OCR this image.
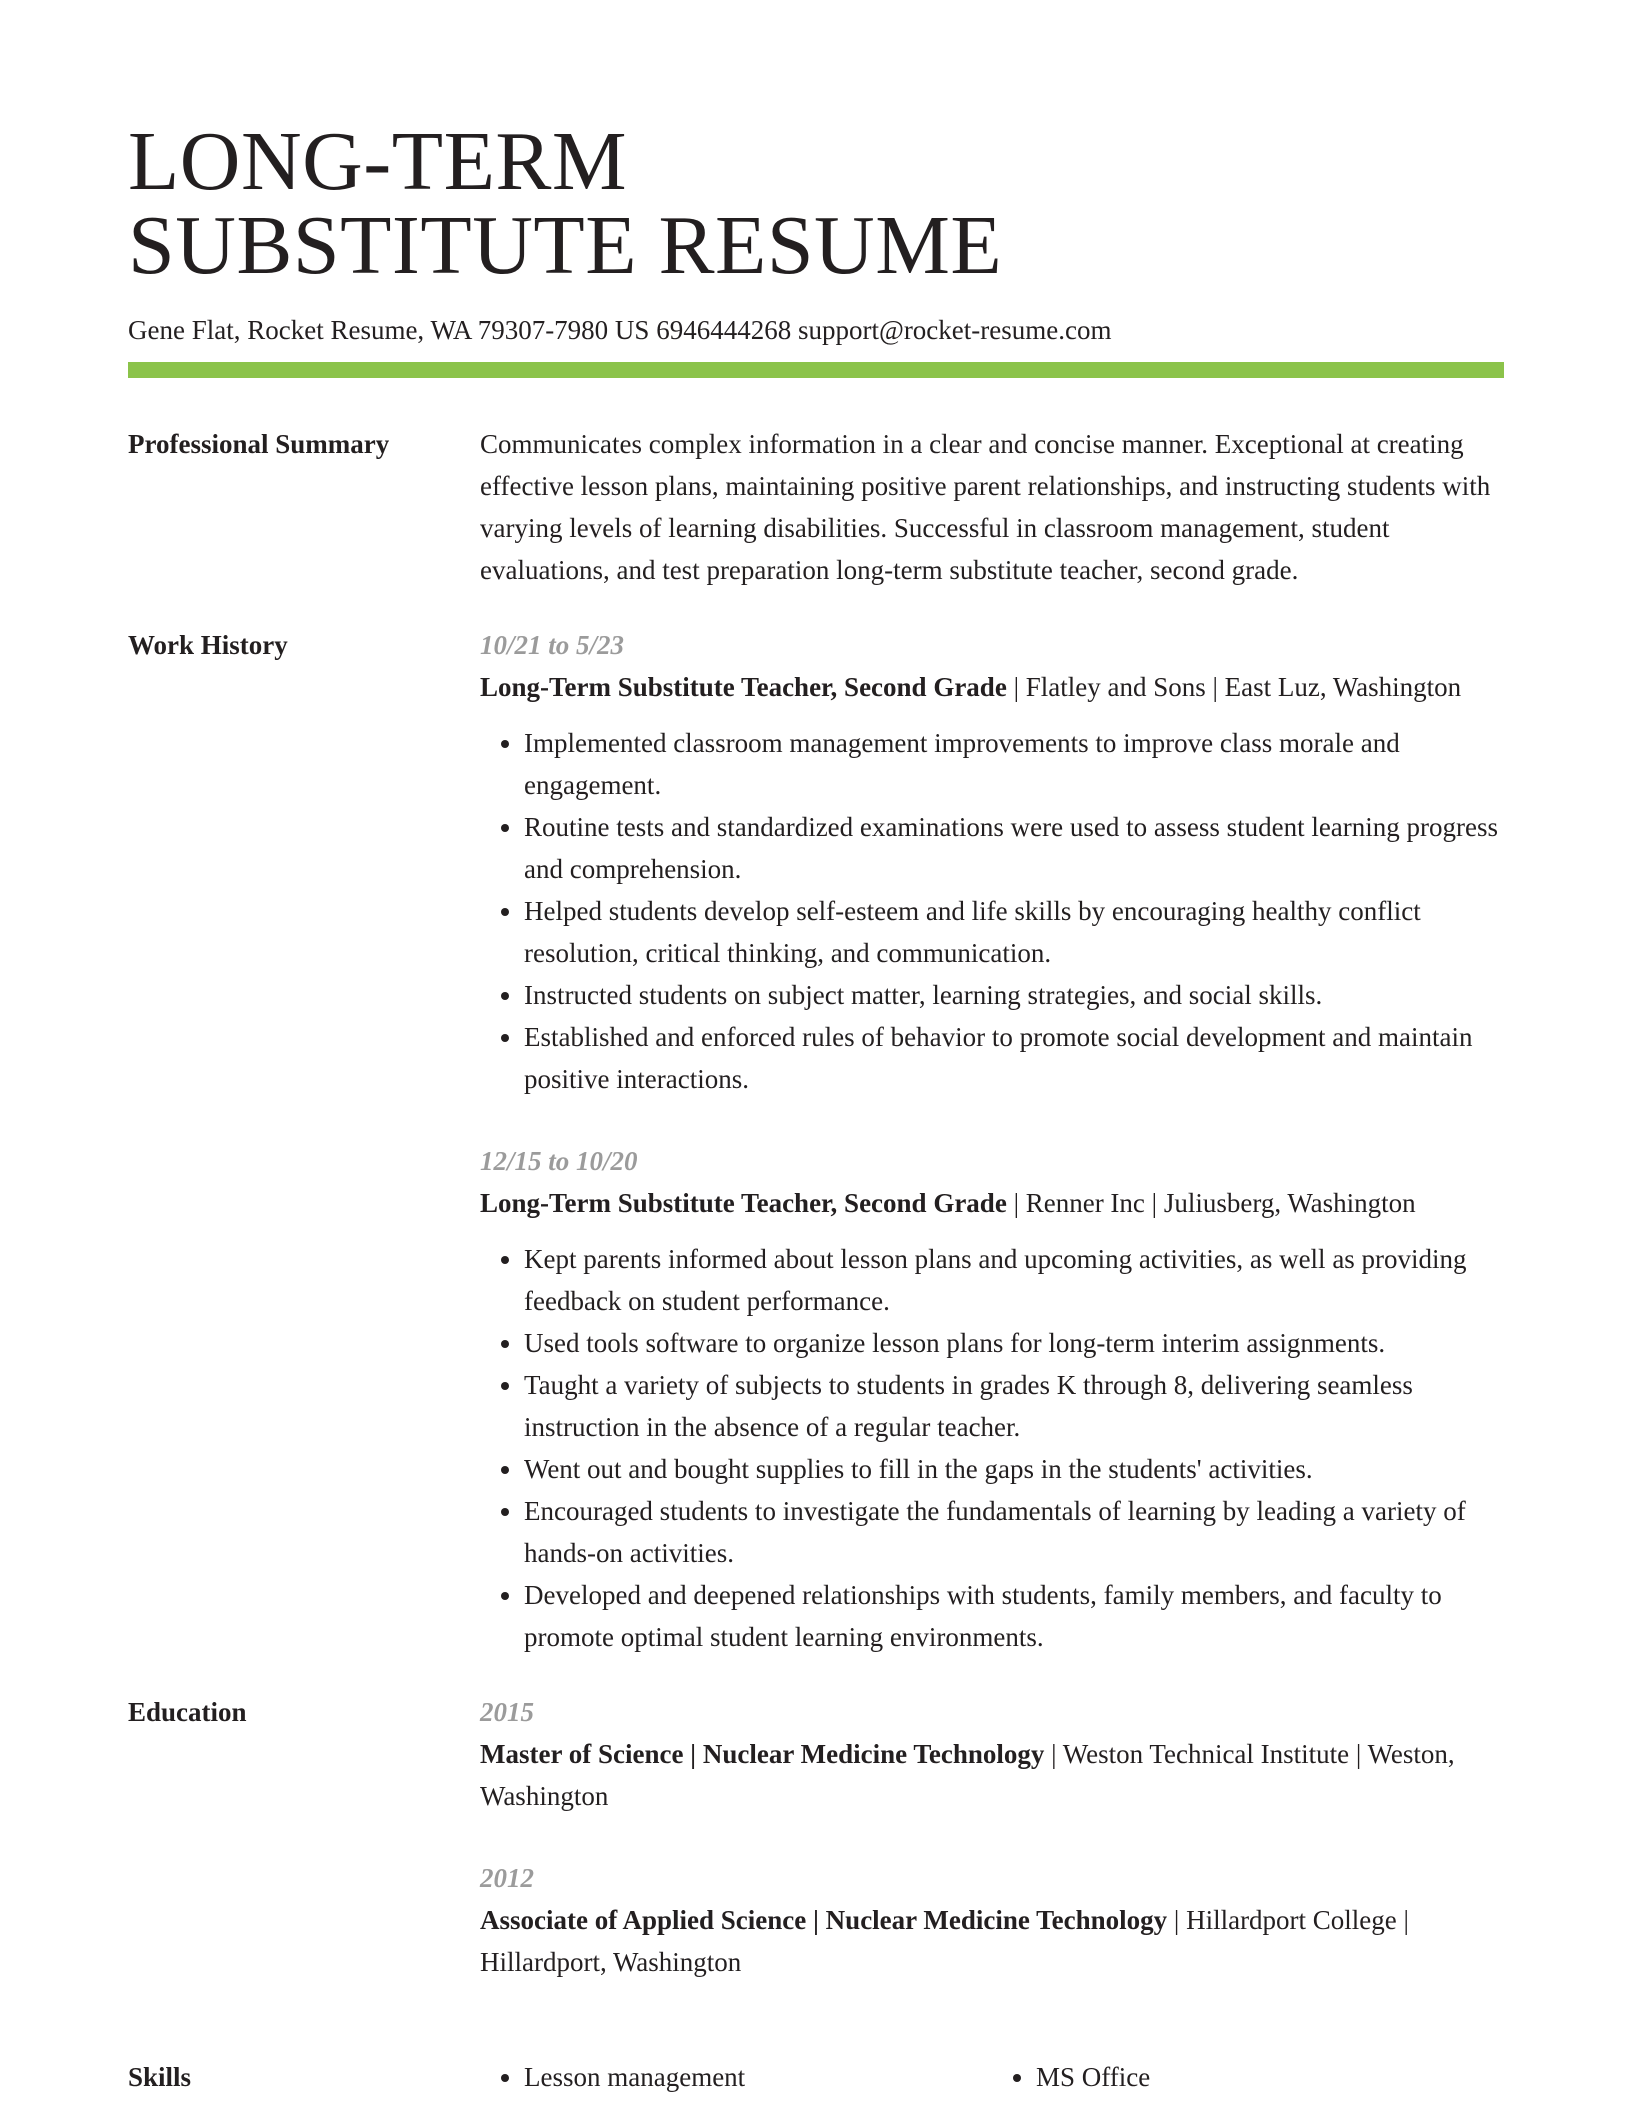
LONG-TERM
SUBSTITUTE RESUME
Gene Flat, Rocket Resume, WA 79307-7980 US 6946444268 support@rocket-resume.com
Professional Summary	Communicates complex information in a clear and concise manner. Exceptional at creating effective lesson plans, maintaining positive parent relationships, and instructing students with varying levels of learning disabilities. Successful in classroom management, student evaluations, and test preparation long-term substitute teacher, second grade.
Work History	10/21 to 5/23
Long-Term Substitute Teacher, Second Grade | Flatley and Sons | East Luz, Washington
• Implemented classroom management improvements to improve class morale and engagement.
• Routine tests and standardized examinations were used to assess student learning progress and comprehension.
• Helped students develop self-esteem and life skills by encouraging healthy conflict resolution, critical thinking, and communication.
• Instructed students on subject matter, learning strategies, and social skills.
• Established and enforced rules of behavior to promote social development and maintain positive interactions.
12/15 to 10/20
Long-Term Substitute Teacher, Second Grade | Renner Inc | Juliusberg, Washington
• Kept parents informed about lesson plans and upcoming activities, as well as providing feedback on student performance.
• Used tools software to organize lesson plans for long-term interim assignments.
• Taught a variety of subjects to students in grades K through 8, delivering seamless instruction in the absence of a regular teacher.
• Went out and bought supplies to fill in the gaps in the students' activities.
• Encouraged students to investigate the fundamentals of learning by leading a variety of hands-on activities.
• Developed and deepened relationships with students, family members, and faculty to promote optimal student learning environments.
Education	2015
Master of Science | Nuclear Medicine Technology | Weston Technical Institute | Weston, Washington
2012
Associate of Applied Science | Nuclear Medicine Technology | Hillardport College | Hillardport, Washington
Skills	• Lesson management	• MS Office
